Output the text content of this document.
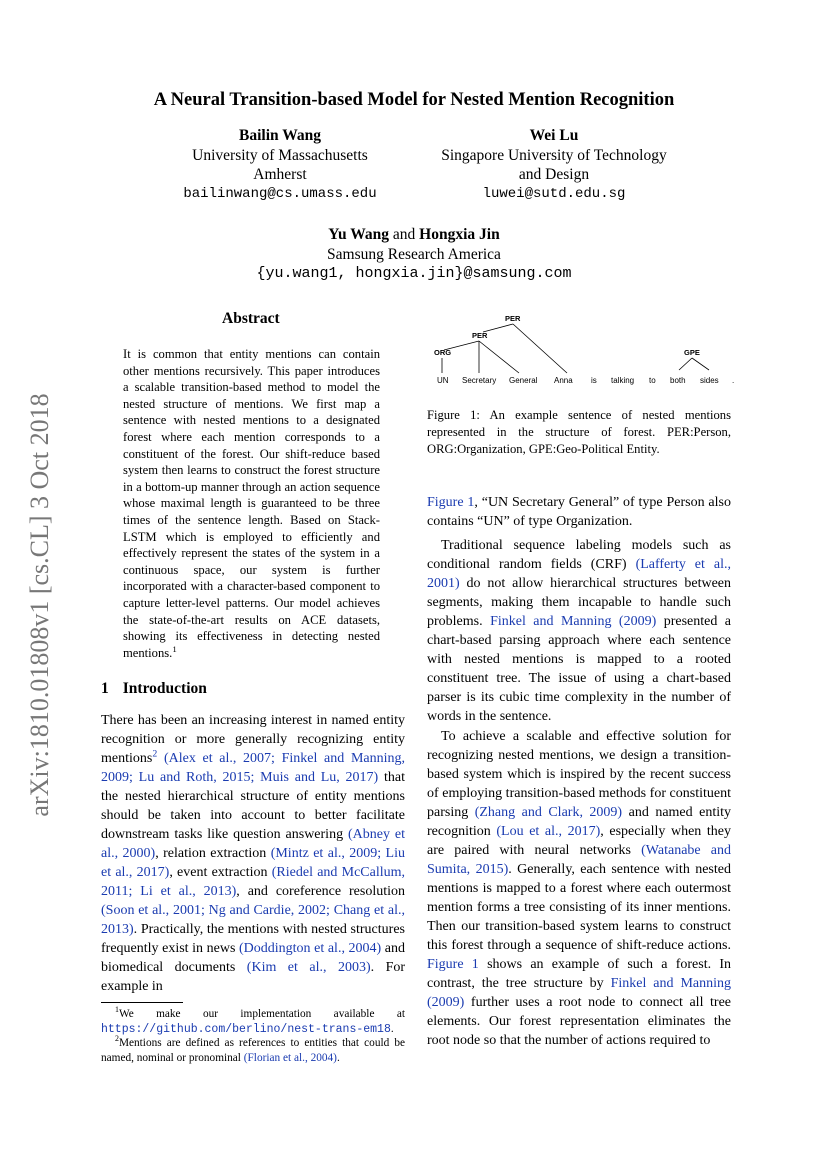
arXiv:1810.01808v1 [cs.CL] 3 Oct 2018
A Neural Transition-based Model for Nested Mention Recognition
Bailin Wang
University of Massachusetts
Amherst
bailinwang@cs.umass.edu
Wei Lu
Singapore University of Technology
and Design
luwei@sutd.edu.sg
Yu Wang and Hongxia Jin
Samsung Research America
{yu.wang1, hongxia.jin}@samsung.com
Abstract
It is common that entity mentions can contain other mentions recursively. This paper introduces a scalable transition-based method to model the nested structure of mentions. We first map a sentence with nested mentions to a designated forest where each mention corresponds to a constituent of the forest. Our shift-reduce based system then learns to construct the forest structure in a bottom-up manner through an action sequence whose maximal length is guaranteed to be three times of the sentence length. Based on Stack-LSTM which is employed to efficiently and effectively represent the states of the system in a continuous space, our system is further incorporated with a character-based component to capture letter-level patterns. Our model achieves the state-of-the-art results on ACE datasets, showing its effectiveness in detecting nested mentions.$^1$
1 Introduction
There has been an increasing interest in named entity recognition or more generally recognizing entity mentions$^2$ (Alex et al., 2007; Finkel and Manning, 2009; Lu and Roth, 2015; Muis and Lu, 2017) that the nested hierarchical structure of entity mentions should be taken into account to better facilitate downstream tasks like question answering (Abney et al., 2000), relation extraction (Mintz et al., 2009; Liu et al., 2017), event extraction (Riedel and McCallum, 2011; Li et al., 2013), and coreference resolution (Soon et al., 2001; Ng and Cardie, 2002; Chang et al., 2013). Practically, the mentions with nested structures frequently exist in news (Doddington et al., 2004) and biomedical documents (Kim et al., 2003). For example in
$^1$We make our implementation available at https://github.com/berlino/nest-trans-em18.
$^2$Mentions are defined as references to entities that could be named, nominal or pronominal (Florian et al., 2004).
UN Secretary General Anna is talking to both sides .
PER
PER
ORG	GPE
Figure 1: An example sentence of nested mentions represented in the structure of forest. PER:Person, ORG:Organization, GPE:Geo-Political Entity.
Figure 1, “UN Secretary General” of type Person also contains “UN” of type Organization.
Traditional sequence labeling models such as conditional random fields (CRF) (Lafferty et al., 2001) do not allow hierarchical structures between segments, making them incapable to handle such problems. Finkel and Manning (2009) presented a chart-based parsing approach where each sentence with nested mentions is mapped to a rooted constituent tree. The issue of using a chart-based parser is its cubic time complexity in the number of words in the sentence.
To achieve a scalable and effective solution for recognizing nested mentions, we design a transition-based system which is inspired by the recent success of employing transition-based methods for constituent parsing (Zhang and Clark, 2009) and named entity recognition (Lou et al., 2017), especially when they are paired with neural networks (Watanabe and Sumita, 2015). Generally, each sentence with nested mentions is mapped to a forest where each outermost mention forms a tree consisting of its inner mentions. Then our transition-based system learns to construct this forest through a sequence of shift-reduce actions. Figure 1 shows an example of such a forest. In contrast, the tree structure by Finkel and Manning (2009) further uses a root node to connect all tree elements. Our forest representation eliminates the root node so that the number of actions required to
